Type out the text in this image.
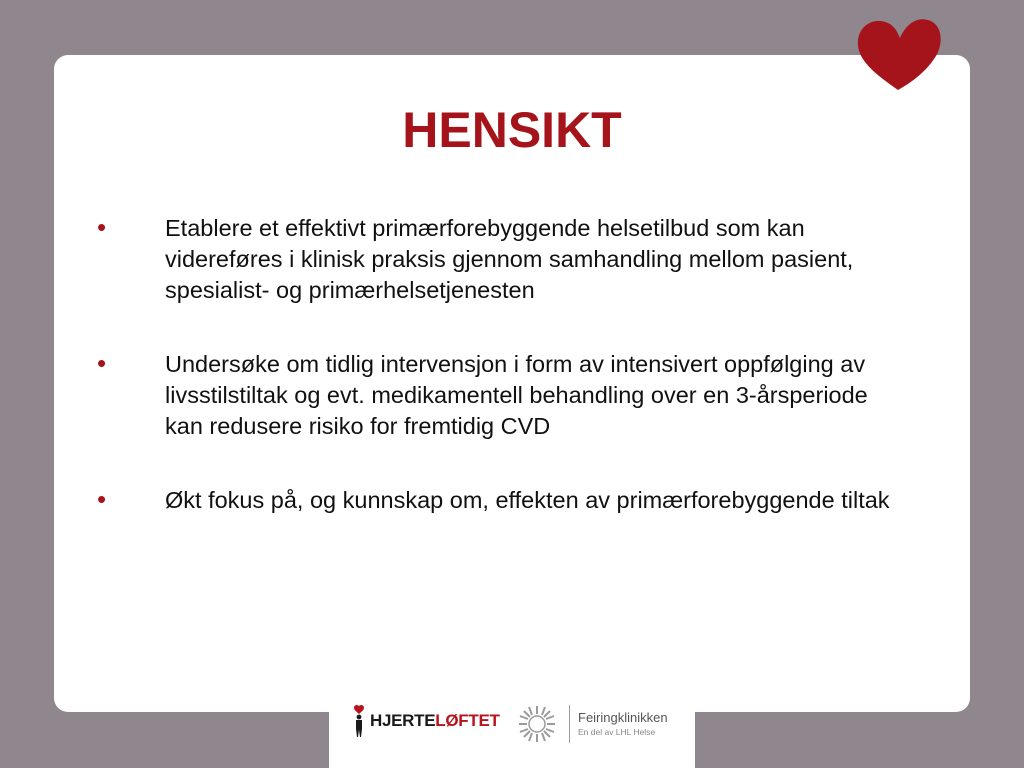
HENSIKT
•	Etablere et effektivt primærforebyggende helsetilbud som kan videreføres i klinisk praksis gjennom samhandling mellom pasient, spesialist- og primærhelsetjenesten
•	Undersøke om tidlig intervensjon i form av intensivert oppfølging av livsstilstiltak og evt. medikamentell behandling over en 3-årsperiode kan redusere risiko for fremtidig CVD
•	Økt fokus på, og kunnskap om, effekten av primærforebyggende tiltak
HJERTELØFTET	Feiringklinikken
En del av LHL Helse
